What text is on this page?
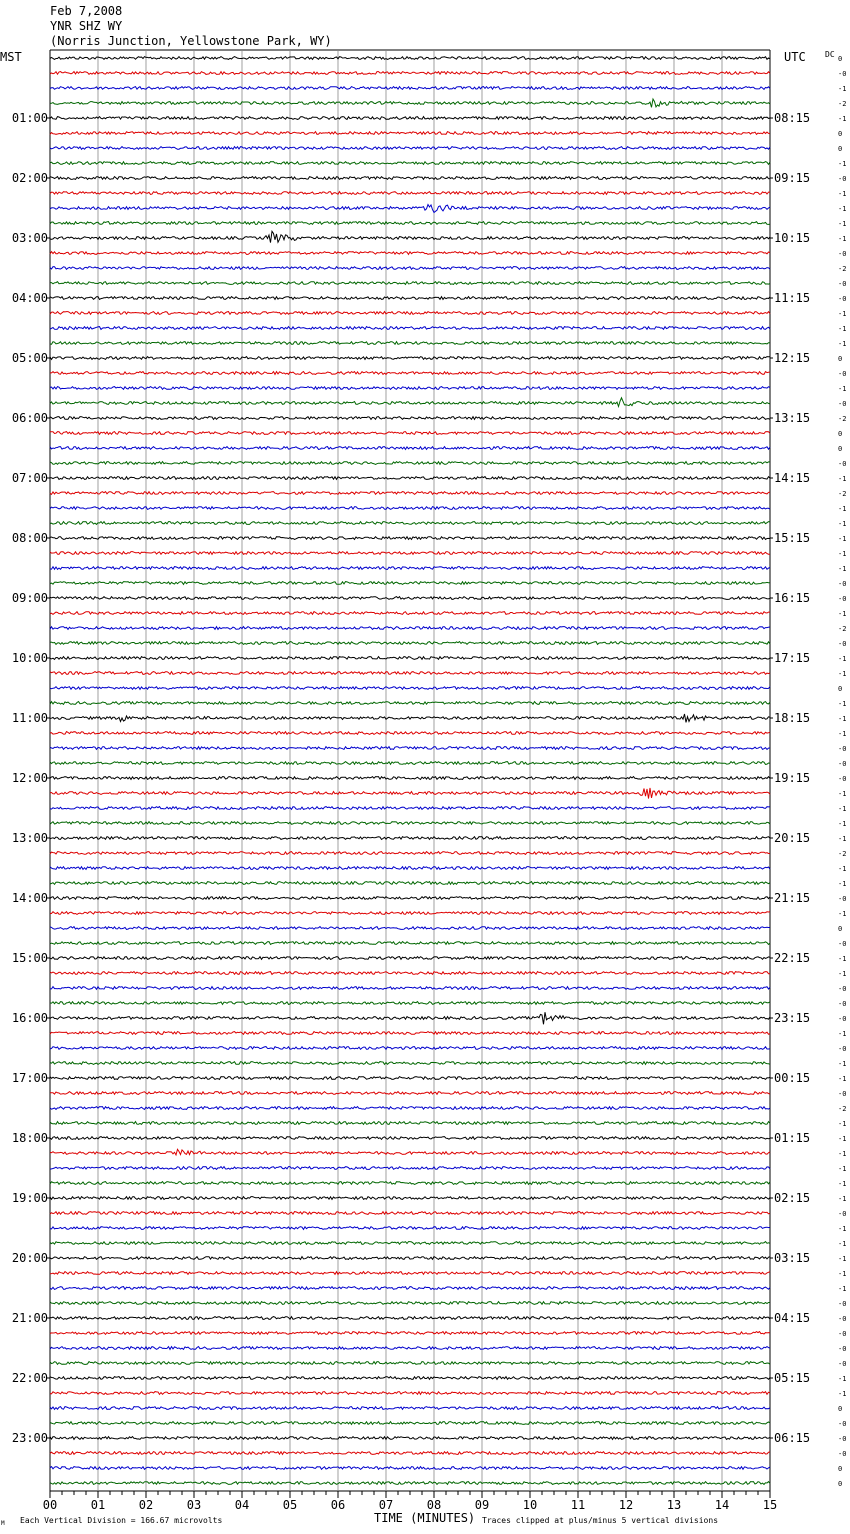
Feb 7,2008
YNR SHZ WY
(Norris Junction, Yellowstone Park, WY)
00	01	02	03	04	05	06	07	08	09	10	11	12	13	14	15
0
-0
-1
-2
-1
0
0
-1
-0
-1
-1
-1
-1
-0
-2
-0
-0
-1
-1
-1
0
-0
-1
-0
-2
0
0
-0
-1
-2
-1
-1
-1
-1
-1
-0
-0
-1
-2
-0
-1
-1
0
-1
-1
-1
-0
-0
-0
-1
-1
-1
-1
-2
-1
-1
-0
-1
0
-0
-1
-1
-0
-0
-0
-1
-0
-1
-1
-0
-2
-1
-1
-1
-1
-1
-1
-0
-1
-1
-1
-1
-1
-0
-0
-0
-0
-0
-1
-1
0
-0
-0
-0
0
0
01:00
02:00
03:00
04:00
05:00
06:00
07:00
08:00
09:00
10:00
11:00
12:00
13:00
14:00
15:00
16:00
17:00
18:00
19:00
20:00
21:00
22:00
23:00
08:15
09:15
10:15
11:15
12:15
13:15
14:15
15:15
16:15
17:15
18:15
19:15
20:15
21:15
22:15
23:15
00:15
01:15
02:15
03:15
04:15
05:15
06:15
MST	UTC DC
TIME (MINUTES)
Each Vertical Division = 166.67 microvolts	Traces clipped at plus/minus 5 vertical divisions
M
